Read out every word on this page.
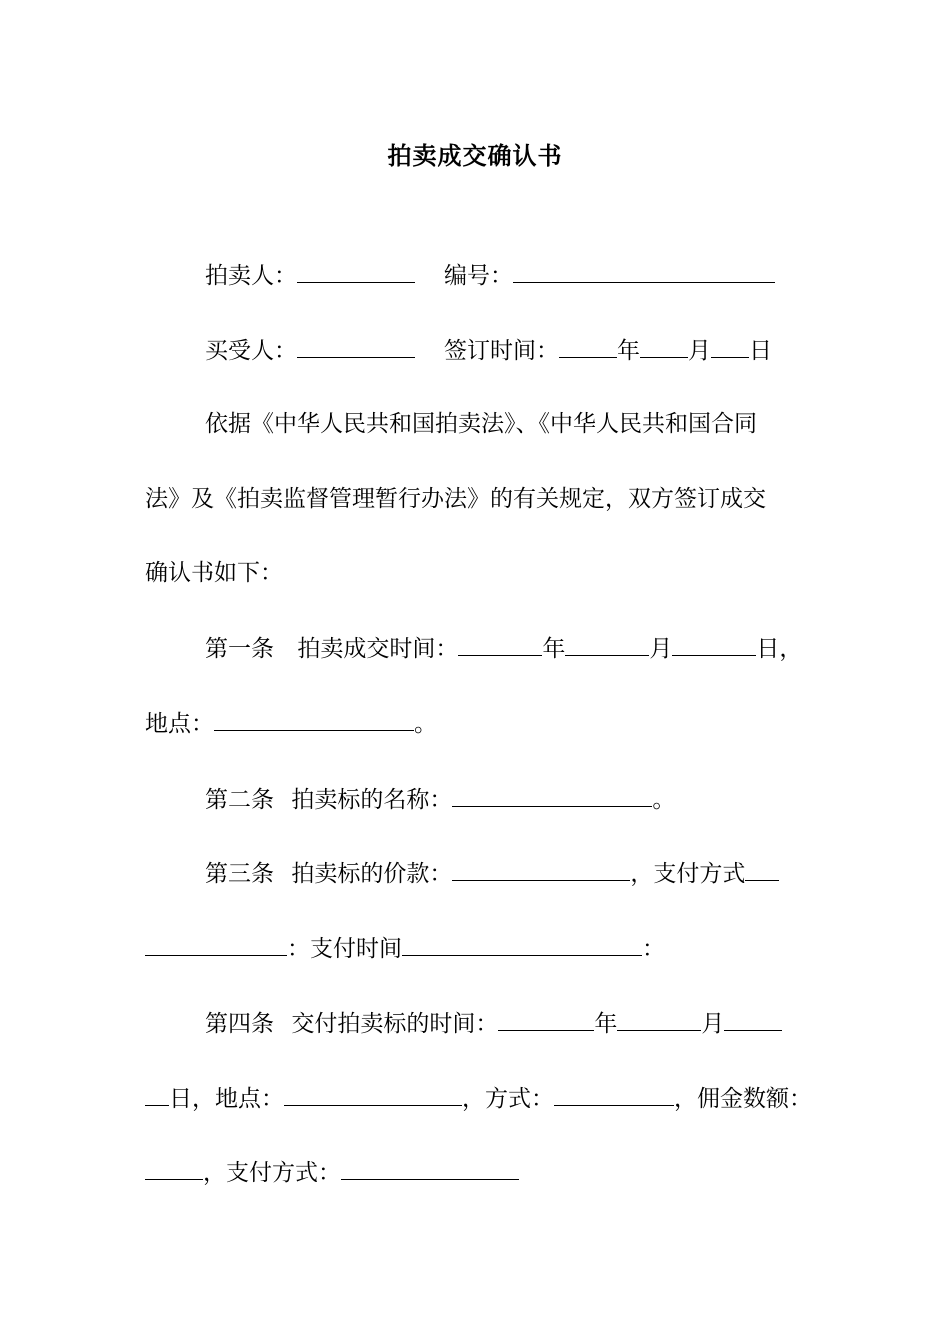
拍卖成交确认书
拍卖人：	编号：
买受人：	签订时间：	年 月 日
依据《中华人民共和国拍卖法》、《中华人民共和国合同
法》及《拍卖监督管理暂行办法》的有关规定，双方签订成交
确认书如下：
第一条 拍卖成交时间：	年	月	日，
地点：	。
第二条 拍卖标的名称：	。
第三条 拍卖标的价款：	，支付方式
：支付时间	：
第四条 交付拍卖标的时间：	年	月
日，地点：	，方式：	，佣金数额：
，支付方式：
